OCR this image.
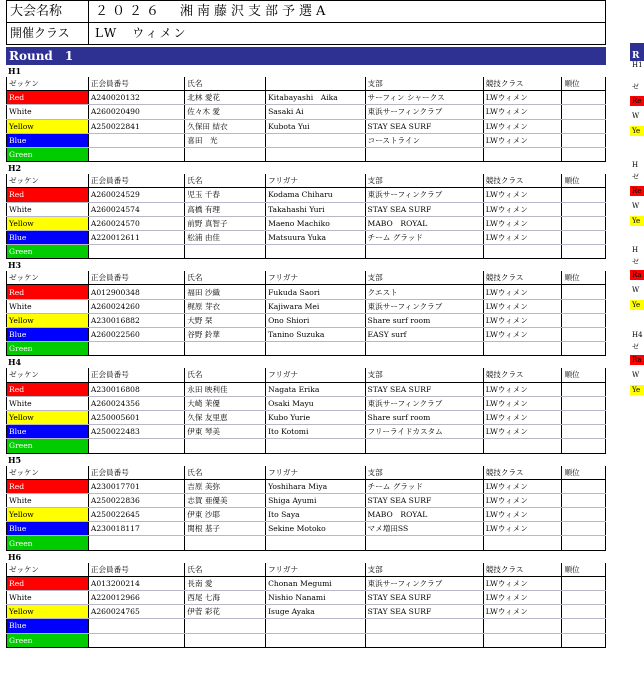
大会名称	２０２６　湘南藤沢支部予選A
開催クラス	LW　ウィメン
Round　1
H1
ゼッケン	正会員番号	氏名		支部	競技クラス	順位
Red	A240020132	北林 愛花	Kitabayashi　Aika	サーフィン シャークス	LWウィメン	
White	A260020490	佐々木 愛	Sasaki Ai	東浜サーフィンクラブ	LWウィメン	
Yellow	A250022841	久保田 結衣	Kubota Yui	STAY SEA SURF	LWウィメン	
Blue		喜田　光		コーストライン	LWウィメン	
Green						
H2
ゼッケン	正会員番号	氏名	フリガナ	支部	競技クラス	順位
Red	A260024529	児玉 千春	Kodama Chiharu	東浜サーフィンクラブ	LWウィメン	
White	A260024574	高橋 有理	Takahashi Yuri	STAY SEA SURF	LWウィメン	
Yellow	A260024570	前野 真智子	Maeno Machiko	MABO　ROYAL	LWウィメン	
Blue	A220012611	松浦 由佳	Matsuura Yuka	チーム グラッド	LWウィメン	
Green						
H3
ゼッケン	正会員番号	氏名	フリガナ	支部	競技クラス	順位
Red	A012900348	福田 沙織	Fukuda Saori	クエスト	LWウィメン	
White	A260024260	梶原 芽衣	Kajiwara Mei	東浜サーフィンクラブ	LWウィメン	
Yellow	A230016882	大野 栞	Ono Shiori	Share surf room	LWウィメン	
Blue	A260022560	谷野 鈴華	Tanino Suzuka	EASY surf	LWウィメン	
Green						
H4
ゼッケン	正会員番号	氏名	フリガナ	支部	競技クラス	順位
Red	A230016808	永田 映利佳	Nagata Erika	STAY SEA SURF	LWウィメン	
White	A260024356	大崎 茉優	Osaki Mayu	東浜サーフィンクラブ	LWウィメン	
Yellow	A250005601	久保 友里恵	Kubo Yurie	Share surf room	LWウィメン	
Blue	A250022483	伊東 琴美	Ito Kotomi	フリーライドカスタム	LWウィメン	
Green						
H5
ゼッケン	正会員番号	氏名	フリガナ	支部	競技クラス	順位
Red	A230017701	吉原 美弥	Yoshihara Miya	チーム グラッド	LWウィメン	
White	A250022836	志賀 亜優美	Shiga Ayumi	STAY SEA SURF	LWウィメン	
Yellow	A250022645	伊東 沙耶	Ito Saya	MABO　ROYAL	LWウィメン	
Blue	A230018117	関根 基子	Sekine Motoko	マメ増田SS	LWウィメン	
Green						
H6
ゼッケン	正会員番号	氏名	フリガナ	支部	競技クラス	順位
Red	A013200214	長南 愛	Chonan Megumi	東浜サーフィンクラブ	LWウィメン	
White	A220012966	西尾 七海	Nishio Nanami	STAY SEA SURF	LWウィメン	
Yellow	A260024765	伊菅 彩花	Isuge Ayaka	STAY SEA SURF	LWウィメン	
Blue						
Green						
R
H1
ゼ
Re
W
Ye
H
ゼ
Re
W
Ye
H
ゼ
Ra
W
Ye
H4
ゼ
Ra
W
Ye
